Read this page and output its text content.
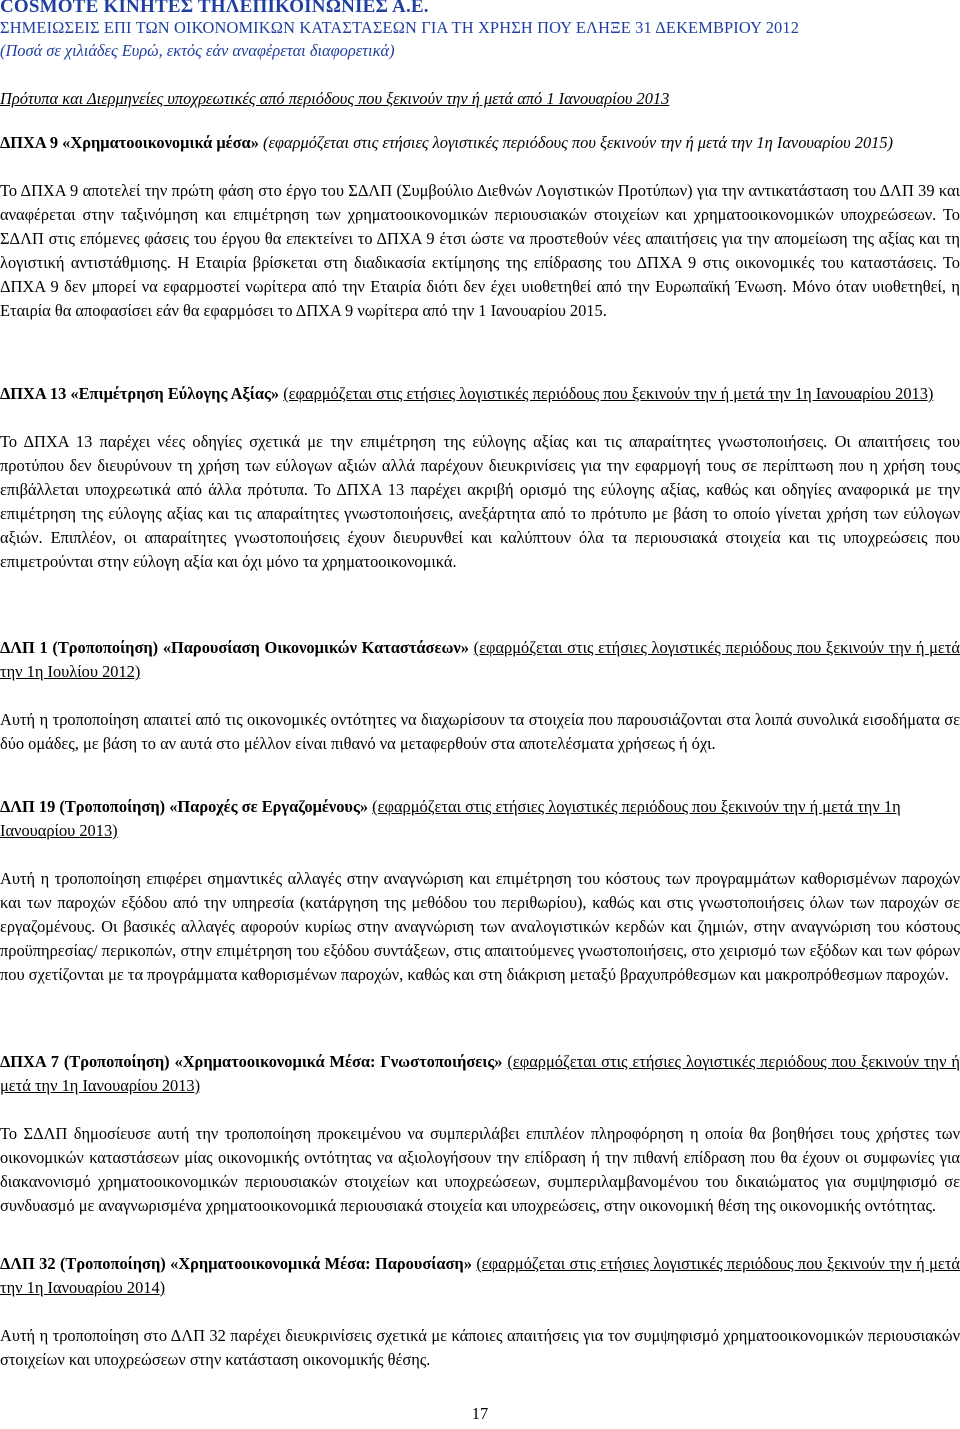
COSMOTE ΚΙΝΗΤΕΣ ΤΗΛΕΠΙΚΟΙΝΩΝΙΕΣ Α.Ε.
ΣΗΜΕΙΩΣΕΙΣ ΕΠΙ ΤΩΝ ΟΙΚΟΝΟΜΙΚΩΝ ΚΑΤΑΣΤΑΣΕΩΝ ΓΙΑ ΤΗ ΧΡΗΣΗ ΠΟΥ ΕΛΗΞΕ 31 ΔΕΚΕΜΒΡΙΟΥ 2012
(Ποσά σε χιλιάδες Ευρώ, εκτός εάν αναφέρεται διαφορετικά)
Πρότυπα και Διερμηνείες υποχρεωτικές από περιόδους που ξεκινούν την ή μετά από 1 Ιανουαρίου 2013

ΔΠΧΑ 9 «Χρηματοοικονομικά μέσα» (εφαρμόζεται στις ετήσιες λογιστικές περιόδους που ξεκινούν την ή μετά την 1η Ιανουαρίου 2015)

Το ΔΠΧΑ 9 αποτελεί την πρώτη φάση στο έργο του ΣΔΛΠ (Συμβούλιο Διεθνών Λογιστικών Προτύπων) για την αντικατάσταση του ΔΛΠ 39 και αναφέρεται στην ταξινόμηση και επιμέτρηση των χρηματοοικονομικών περιουσιακών στοιχείων και χρηματοοικονομικών υποχρεώσεων. Το ΣΔΛΠ στις επόμενες φάσεις του έργου θα επεκτείνει το ΔΠΧΑ 9 έτσι ώστε να προστεθούν νέες απαιτήσεις για την απομείωση της αξίας και τη λογιστική αντιστάθμισης. Η Εταιρία βρίσκεται στη διαδικασία εκτίμησης της επίδρασης του ΔΠΧΑ 9 στις οικονομικές του καταστάσεις. Το ΔΠΧΑ 9 δεν μπορεί να εφαρμοστεί νωρίτερα από την Εταιρία διότι δεν έχει υιοθετηθεί από την Ευρωπαϊκή Ένωση. Μόνο όταν υιοθετηθεί, η Εταιρία θα αποφασίσει εάν θα εφαρμόσει το ΔΠΧΑ 9 νωρίτερα από την 1 Ιανουαρίου 2015.

ΔΠΧΑ 13 «Επιμέτρηση Εύλογης Αξίας» (εφαρμόζεται στις ετήσιες λογιστικές περιόδους που ξεκινούν την ή μετά την 1η Ιανουαρίου 2013)

Το ΔΠΧΑ 13 παρέχει νέες οδηγίες σχετικά με την επιμέτρηση της εύλογης αξίας και τις απαραίτητες γνωστοποιήσεις. Οι απαιτήσεις του προτύπου δεν διευρύνουν τη χρήση των εύλογων αξιών αλλά παρέχουν διευκρινίσεις για την εφαρμογή τους σε περίπτωση που η χρήση τους επιβάλλεται υποχρεωτικά από άλλα πρότυπα. Το ΔΠΧΑ 13 παρέχει ακριβή ορισμό της εύλογης αξίας, καθώς και οδηγίες αναφορικά με την επιμέτρηση της εύλογης αξίας και τις απαραίτητες γνωστοποιήσεις, ανεξάρτητα από το πρότυπο με βάση το οποίο γίνεται χρήση των εύλογων αξιών. Επιπλέον, οι απαραίτητες γνωστοποιήσεις έχουν διευρυνθεί και καλύπτουν όλα τα περιουσιακά στοιχεία και τις υποχρεώσεις που επιμετρούνται στην εύλογη αξία και όχι μόνο τα χρηματοοικονομικά.

ΔΛΠ 1 (Τροποποίηση) «Παρουσίαση Οικονομικών Καταστάσεων» (εφαρμόζεται στις ετήσιες λογιστικές περιόδους που ξεκινούν την ή μετά την 1η Ιουλίου 2012)

Αυτή η τροποποίηση απαιτεί από τις οικονομικές οντότητες να διαχωρίσουν τα στοιχεία που παρουσιάζονται στα λοιπά συνολικά εισοδήματα σε δύο ομάδες, με βάση το αν αυτά στο μέλλον είναι πιθανό να μεταφερθούν στα αποτελέσματα χρήσεως ή όχι.

ΔΛΠ 19 (Τροποποίηση) «Παροχές σε Εργαζομένους» (εφαρμόζεται στις ετήσιες λογιστικές περιόδους που ξεκινούν την ή μετά την 1η Ιανουαρίου 2013)

Αυτή η τροποποίηση επιφέρει σημαντικές αλλαγές στην αναγνώριση και επιμέτρηση του κόστους των προγραμμάτων καθορισμένων παροχών και των παροχών εξόδου από την υπηρεσία (κατάργηση της μεθόδου του περιθωρίου), καθώς και στις γνωστοποιήσεις όλων των παροχών σε εργαζομένους. Οι βασικές αλλαγές αφορούν κυρίως στην αναγνώριση των αναλογιστικών κερδών και ζημιών, στην αναγνώριση του κόστους προϋπηρεσίας/ περικοπών, στην επιμέτρηση του εξόδου συντάξεων, στις απαιτούμενες γνωστοποιήσεις, στο χειρισμό των εξόδων και των φόρων που σχετίζονται με τα προγράμματα καθορισμένων παροχών, καθώς και στη διάκριση μεταξύ βραχυπρόθεσμων και μακροπρόθεσμων παροχών.

ΔΠΧΑ 7 (Τροποποίηση) «Χρηματοοικονομικά Μέσα: Γνωστοποιήσεις» (εφαρμόζεται στις ετήσιες λογιστικές περιόδους που ξεκινούν την ή μετά την 1η Ιανουαρίου 2013)

Το ΣΔΛΠ δημοσίευσε αυτή την τροποποίηση προκειμένου να συμπεριλάβει επιπλέον πληροφόρηση η οποία θα βοηθήσει τους χρήστες των οικονομικών καταστάσεων μίας οικονομικής οντότητας να αξιολογήσουν την επίδραση ή την πιθανή επίδραση που θα έχουν οι συμφωνίες για διακανονισμό χρηματοοικονομικών περιουσιακών στοιχείων και υποχρεώσεων, συμπεριλαμβανομένου του δικαιώματος για συμψηφισμό σε συνδυασμό με αναγνωρισμένα χρηματοοικονομικά περιουσιακά στοιχεία και υποχρεώσεις, στην οικονομική θέση της οικονομικής οντότητας.

ΔΛΠ 32 (Τροποποίηση) «Χρηματοοικονομικά Μέσα: Παρουσίαση» (εφαρμόζεται στις ετήσιες λογιστικές περιόδους που ξεκινούν την ή μετά την 1η Ιανουαρίου 2014)

Αυτή η τροποποίηση στο ΔΛΠ 32 παρέχει διευκρινίσεις σχετικά με κάποιες απαιτήσεις για τον συμψηφισμό χρηματοοικονομικών περιουσιακών στοιχείων και υποχρεώσεων στην κατάσταση οικονομικής θέσης.

17
